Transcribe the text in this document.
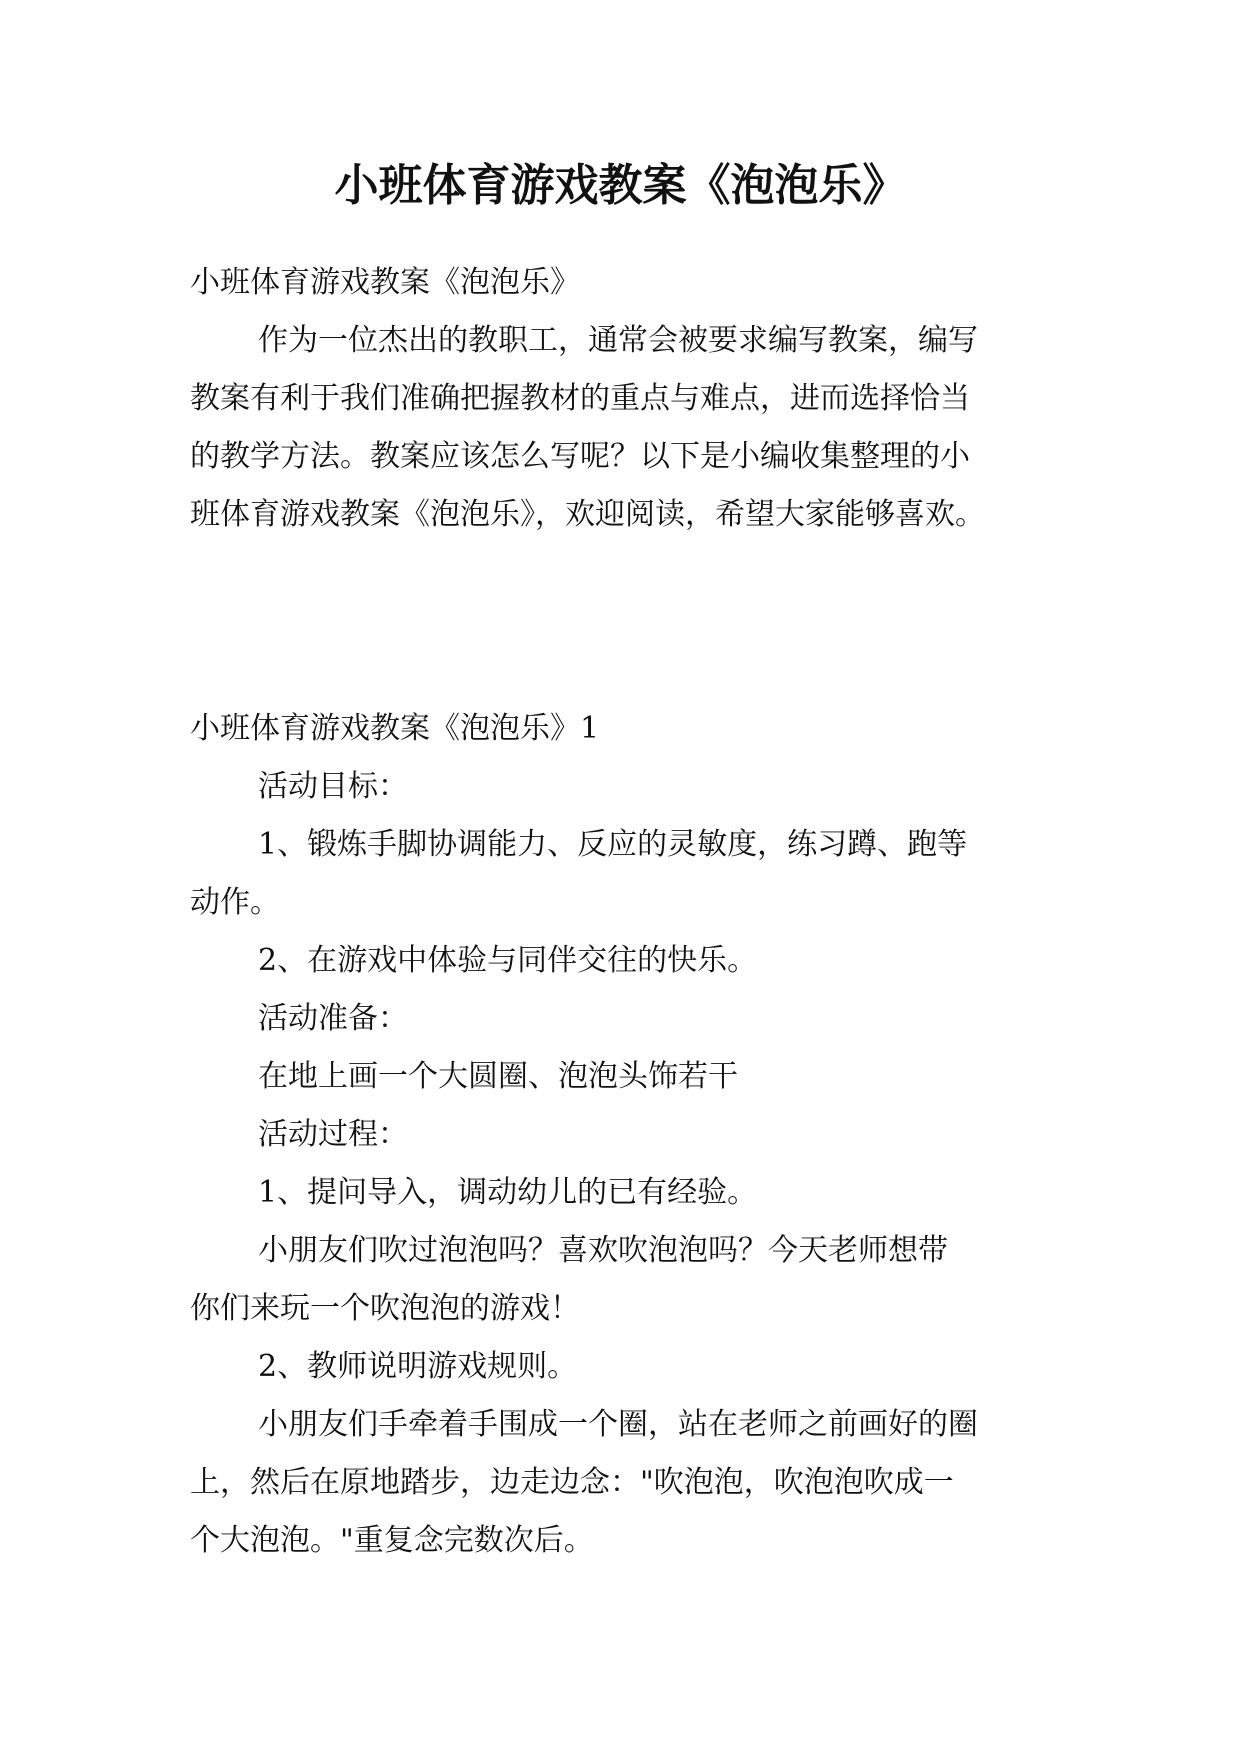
小班体育游戏教案《泡泡乐》
小班体育游戏教案《泡泡乐》
作为一位杰出的教职工，通常会被要求编写教案，编写
教案有利于我们准确把握教材的重点与难点，进而选择恰当
的教学方法。教案应该怎么写呢？以下是小编收集整理的小
班体育游戏教案《泡泡乐》，欢迎阅读，希望大家能够喜欢。
小班体育游戏教案《泡泡乐》1
活动目标：
1、锻炼手脚协调能力、反应的灵敏度，练习蹲、跑等
动作。
2、在游戏中体验与同伴交往的快乐。
活动准备：
在地上画一个大圆圈、泡泡头饰若干
活动过程：
1、提问导入，调动幼儿的已有经验。
小朋友们吹过泡泡吗？喜欢吹泡泡吗？今天老师想带
你们来玩一个吹泡泡的游戏！
2、教师说明游戏规则。
小朋友们手牵着手围成一个圈，站在老师之前画好的圈
上，然后在原地踏步，边走边念："吹泡泡，吹泡泡吹成一
个大泡泡。"重复念完数次后。
